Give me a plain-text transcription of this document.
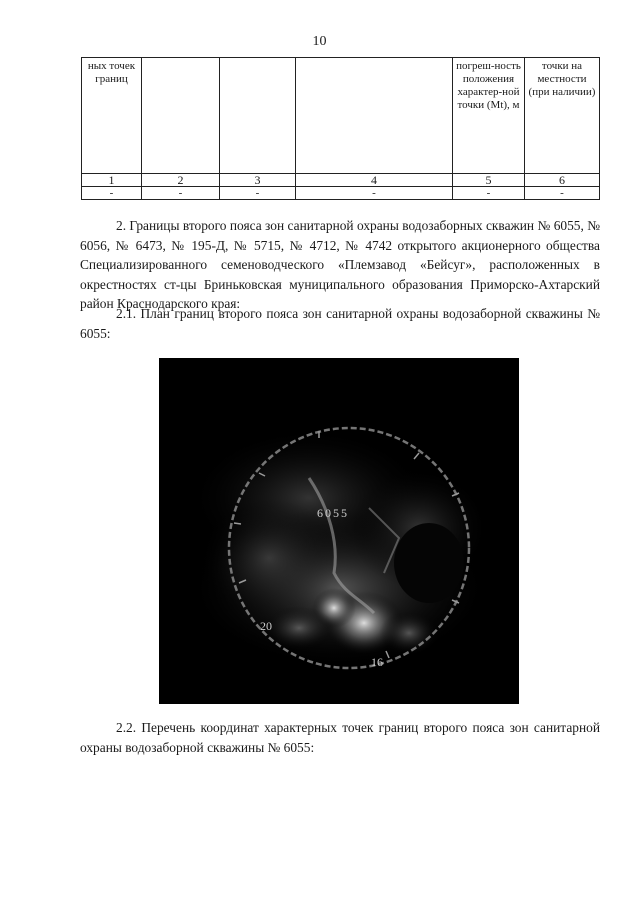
10
ных точек границ				погреш-ность положения характер-ной точки (Mt), м	точки на местности (при наличии)
1	2	3	4	5	6
-	-	-	-	-	-

2. Границы второго пояса зон санитарной охраны водозаборных скважин № 6055, № 6056, № 6473, № 195-Д, № 5715, № 4712, № 4742 открытого акционерного общества Специализированного семеноводческого «Племзавод «Бейсуг», расположенных в окрестностях ст-цы Бриньковская муниципального образования Приморско-Ахтарский район Краснодарского края:

2.1. План границ второго пояса зон санитарной охраны водозаборной скважины № 6055:

6055
20
16

2.2. Перечень координат характерных точек границ второго пояса зон санитарной охраны водозаборной скважины № 6055:
